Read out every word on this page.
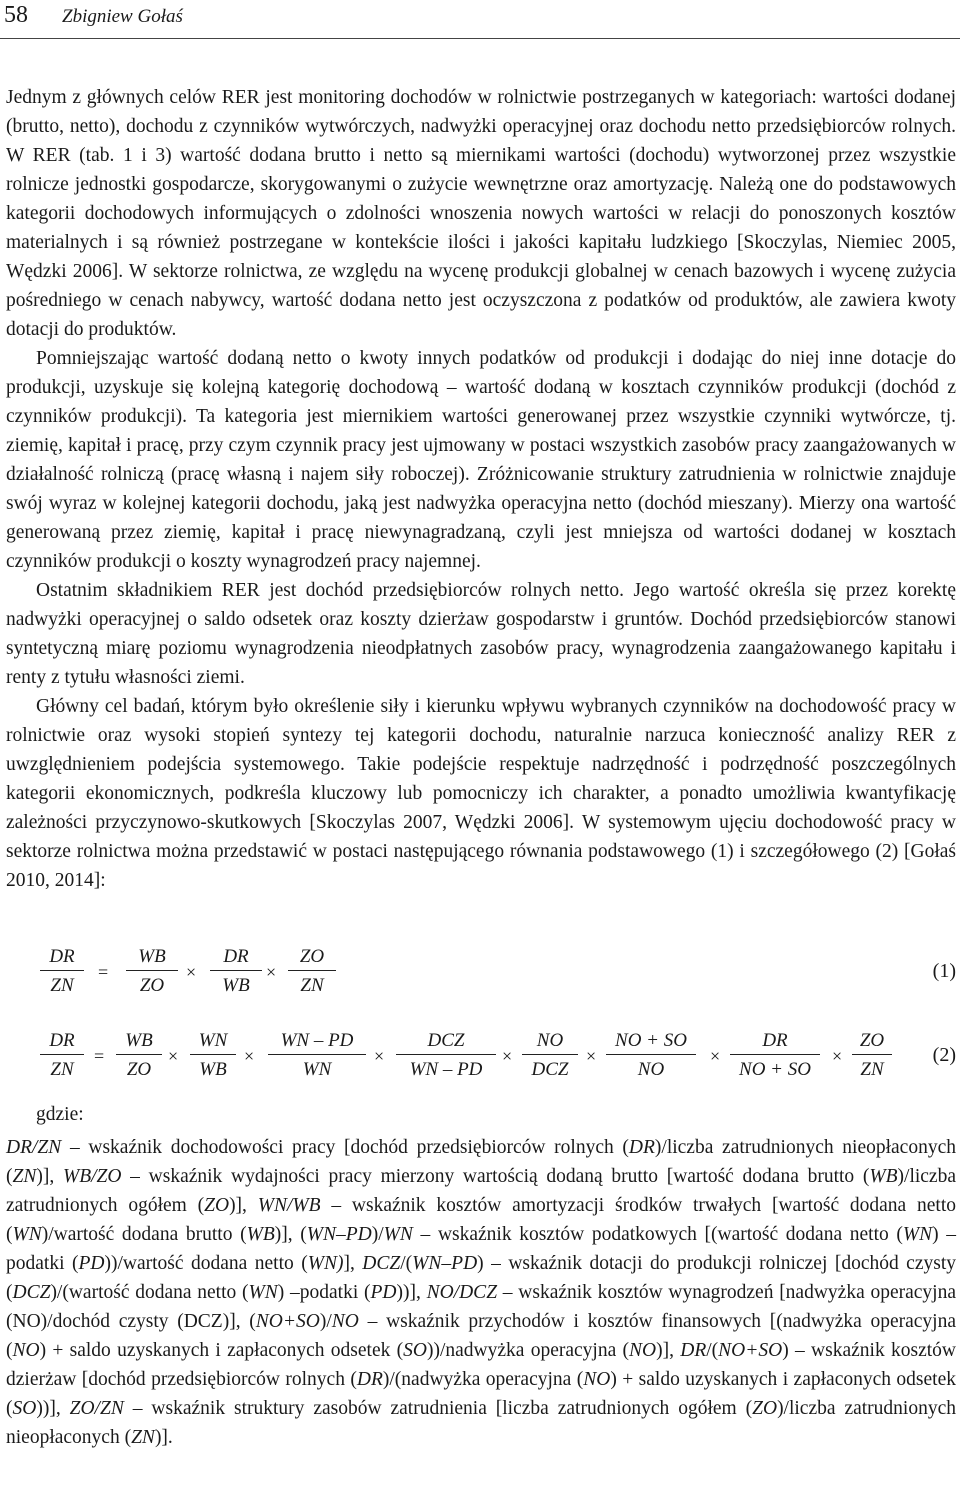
58 Zbigniew Gołaś

Jednym z głównych celów RER jest monitoring dochodów w rolnictwie postrzeganych w kategoriach: wartości dodanej (brutto, netto), dochodu z czynników wytwórczych, nadwyżki operacyjnej oraz dochodu netto przedsiębiorców rolnych. W RER (tab. 1 i 3) wartość dodana brutto i netto są miernikami wartości (dochodu) wytworzonej przez wszystkie rolnicze jednostki gospodarcze, skorygowanymi o zużycie wewnętrzne oraz amortyzację. Należą one do podstawowych kategorii dochodowych informujących o zdolności wnoszenia nowych wartości w relacji do ponoszonych kosztów materialnych i są również postrzegane w kontekście ilości i jakości kapitału ludzkiego [Skoczylas, Niemiec 2005, Wędzki 2006]. W sektorze rolnictwa, ze względu na wycenę produkcji globalnej w cenach bazowych i wycenę zużycia pośredniego w cenach nabywcy, wartość dodana netto jest oczyszczona z podatków od produktów, ale zawiera kwoty dotacji do produktów.

Pomniejszając wartość dodaną netto o kwoty innych podatków od produkcji i dodając do niej inne dotacje do produkcji, uzyskuje się kolejną kategorię dochodową – wartość dodaną w kosztach czynników produkcji (dochód z czynników produkcji). Ta kategoria jest miernikiem wartości generowanej przez wszystkie czynniki wytwórcze, tj. ziemię, kapitał i pracę, przy czym czynnik pracy jest ujmowany w postaci wszystkich zasobów pracy zaangażowanych w działalność rolniczą (pracę własną i najem siły roboczej). Zróżnicowanie struktury zatrudnienia w rolnictwie znajduje swój wyraz w kolejnej kategorii dochodu, jaką jest nadwyżka operacyjna netto (dochód mieszany). Mierzy ona wartość generowaną przez ziemię, kapitał i pracę niewynagradzaną, czyli jest mniejsza od wartości dodanej w kosztach czynników produkcji o koszty wynagrodzeń pracy najemnej.

Ostatnim składnikiem RER jest dochód przedsiębiorców rolnych netto. Jego wartość określa się przez korektę nadwyżki operacyjnej o saldo odsetek oraz koszty dzierżaw gospodarstw i gruntów. Dochód przedsiębiorców stanowi syntetyczną miarę poziomu wynagrodzenia nieodpłatnych zasobów pracy, wynagrodzenia zaangażowanego kapitału i renty z tytułu własności ziemi.

Główny cel badań, którym było określenie siły i kierunku wpływu wybranych czynników na dochodowość pracy w rolnictwie oraz wysoki stopień syntezy tej kategorii dochodu, naturalnie narzuca konieczność analizy RER z uwzględnieniem podejścia systemowego. Takie podejście respektuje nadrzędność i podrzędność poszczególnych kategorii ekonomicznych, podkreśla kluczowy lub pomocniczy ich charakter, a ponadto umożliwia kwantyfikację zależności przyczynowo-skutkowych [Skoczylas 2007, Wędzki 2006]. W systemowym ujęciu dochodowość pracy w sektorze rolnictwa można przedstawić w postaci następującego równania podstawowego (1) i szczegółowego (2) [Gołaś 2010, 2014]:

$\frac{DR}{ZN} = \frac{WB}{ZO} \times \frac{DR}{WB} \times \frac{ZO}{ZN}$	(1)
$\frac{DR}{ZN} = \frac{WB}{ZO} \times \frac{WN}{WB} \times \frac{WN - PD}{WN}$ ×
DCZ
WN – PD
×
NO
DCZ
× $\frac{NO + SO}{NO} \times \frac{DR}{NO + SO} \times \frac{ZO}{ZN} (2)$
gdzie:

DR/ZN – wskaźnik dochodowości pracy [dochód przedsiębiorców rolnych (DR)/liczba zatrudnionych nieopłaconych (ZN)], WB/ZO – wskaźnik wydajności pracy mierzony wartością dodaną brutto [wartość dodana brutto (WB)/liczba zatrudnionych ogółem (ZO)], WN/WB – wskaźnik kosztów amortyzacji środków trwałych [wartość dodana netto (WN)/wartość dodana brutto (WB)], (WN–PD)/WN – wskaźnik kosztów podatkowych [(wartość dodana netto (WN) – podatki (PD))/wartość dodana netto (WN)], DCZ/(WN–PD) – wskaźnik dotacji do produkcji rolniczej [dochód czysty (DCZ)/(wartość dodana netto (WN) –podatki (PD))], NO/DCZ – wskaźnik kosztów wynagrodzeń [nadwyżka operacyjna (NO)/dochód czysty (DCZ)], (NO+SO)/NO – wskaźnik przychodów i kosztów finansowych [(nadwyżka operacyjna (NO) + saldo uzyskanych i zapłaconych odsetek (SO))/nadwyżka operacyjna (NO)], DR/(NO+SO) – wskaźnik kosztów dzierżaw [dochód przedsiębiorców rolnych (DR)/(nadwyżka operacyjna (NO) + saldo uzyskanych i zapłaconych odsetek (SO))], ZO/ZN – wskaźnik struktury zasobów zatrudnienia [liczba zatrudnionych ogółem (ZO)/liczba zatrudnionych nieopłaconych (ZN)].
